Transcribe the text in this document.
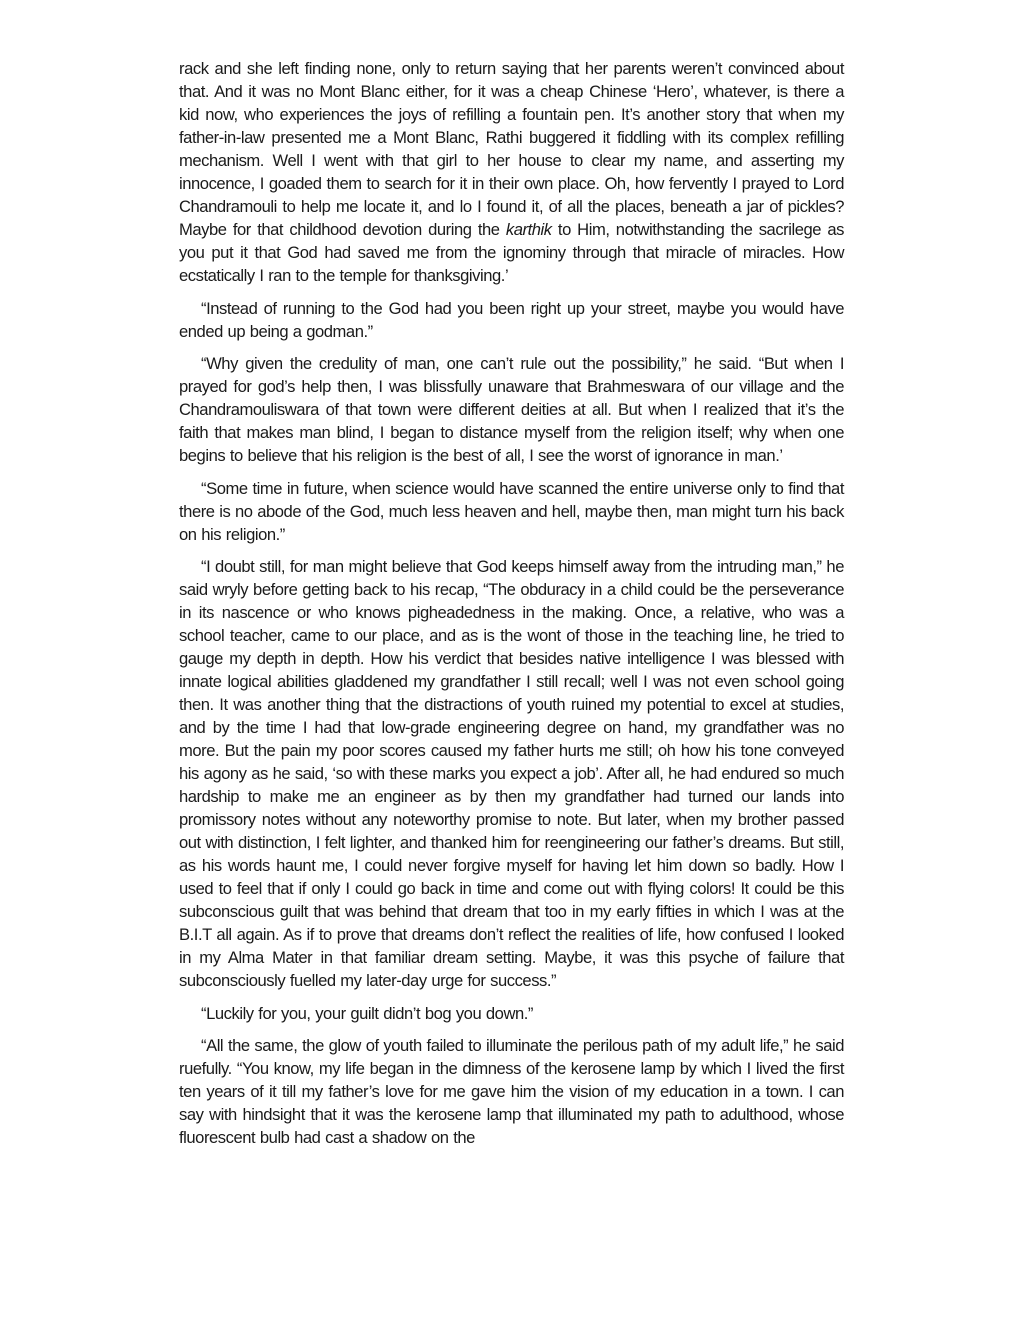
rack and she left finding none, only to return saying that her parents weren’t convinced about that. And it was no Mont Blanc either, for it was a cheap Chinese ‘Hero’, whatever, is there a kid now, who experiences the joys of refilling a fountain pen. It’s another story that when my father-in-law presented me a Mont Blanc, Rathi buggered it fiddling with its complex refilling mechanism. Well I went with that girl to her house to clear my name, and asserting my innocence, I goaded them to search for it in their own place. Oh, how fervently I prayed to Lord Chandramouli to help me locate it, and lo I found it, of all the places, beneath a jar of pickles? Maybe for that childhood devotion during the karthik to Him, notwithstanding the sacrilege as you put it that God had saved me from the ignominy through that miracle of miracles. How ecstatically I ran to the temple for thanksgiving.’

“Instead of running to the God had you been right up your street, maybe you would have ended up being a godman.”

“Why given the credulity of man, one can’t rule out the possibility,” he said. “But when I prayed for god’s help then, I was blissfully unaware that Brahmeswara of our village and the Chandramouliswara of that town were different deities at all. But when I realized that it’s the faith that makes man blind, I began to distance myself from the religion itself; why when one begins to believe that his religion is the best of all, I see the worst of ignorance in man.’

“Some time in future, when science would have scanned the entire universe only to find that there is no abode of the God, much less heaven and hell, maybe then, man might turn his back on his religion.”

“I doubt still, for man might believe that God keeps himself away from the intruding man,” he said wryly before getting back to his recap, “The obduracy in a child could be the perseverance in its nascence or who knows pigheadedness in the making. Once, a relative, who was a school teacher, came to our place, and as is the wont of those in the teaching line, he tried to gauge my depth in depth. How his verdict that besides native intelligence I was blessed with innate logical abilities gladdened my grandfather I still recall; well I was not even school going then. It was another thing that the distractions of youth ruined my potential to excel at studies, and by the time I had that low-grade engineering degree on hand, my grandfather was no more. But the pain my poor scores caused my father hurts me still; oh how his tone conveyed his agony as he said, ‘so with these marks you expect a job’. After all, he had endured so much hardship to make me an engineer as by then my grandfather had turned our lands into promissory notes without any noteworthy promise to note. But later, when my brother passed out with distinction, I felt lighter, and thanked him for reengineering our father’s dreams. But still, as his words haunt me, I could never forgive myself for having let him down so badly. How I used to feel that if only I could go back in time and come out with flying colors! It could be this subconscious guilt that was behind that dream that too in my early fifties in which I was at the B.I.T all again. As if to prove that dreams don’t reflect the realities of life, how confused I looked in my Alma Mater in that familiar dream setting. Maybe, it was this psyche of failure that subconsciously fuelled my later-day urge for success.”

“Luckily for you, your guilt didn’t bog you down.”

“All the same, the glow of youth failed to illuminate the perilous path of my adult life,” he said ruefully. “You know, my life began in the dimness of the kerosene lamp by which I lived the first ten years of it till my father’s love for me gave him the vision of my education in a town. I can say with hindsight that it was the kerosene lamp that illuminated my path to adulthood, whose fluorescent bulb had cast a shadow on the
